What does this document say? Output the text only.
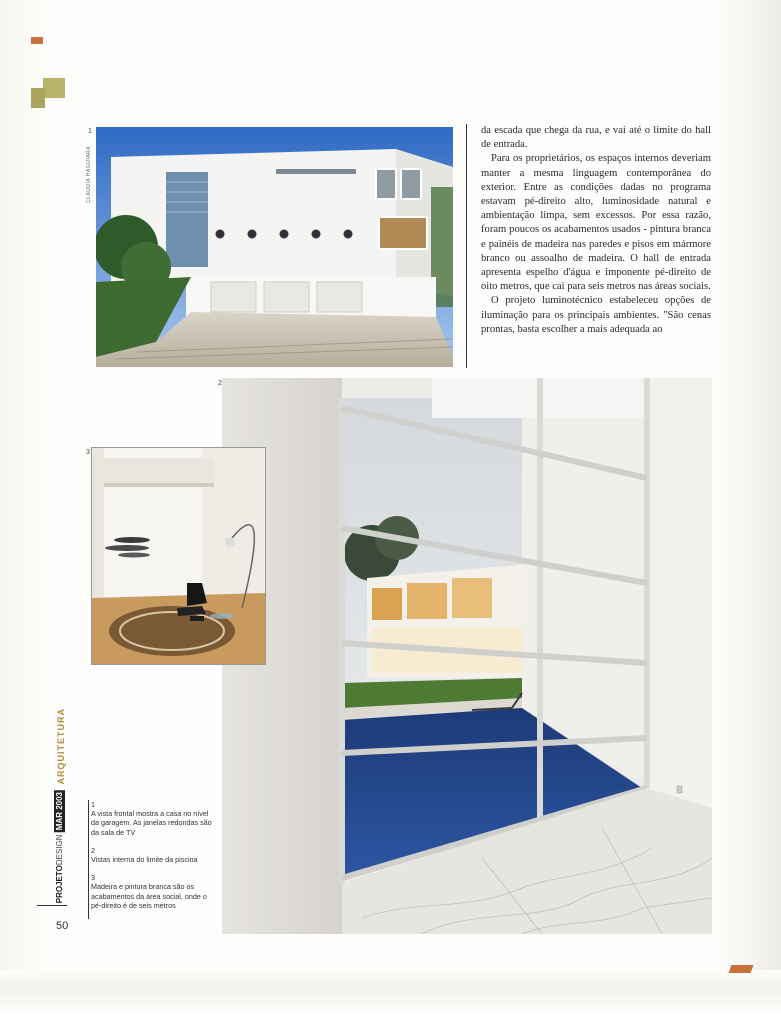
1
CLAUDIA HAGUIARA

da escada que chega da rua, e vai até o limite do hall de entrada.

Para os proprietários, os espaços internos deveriam manter a mesma linguagem contemporânea do exterior. Entre as condições dadas no programa estavam pé-direito alto, luminosidade natural e ambientação limpa, sem excessos. Por essa razão, foram poucos os acabamentos usados - pintura branca e painéis de madeira nas paredes e pisos em mármore branco ou assoalho de madeira. O hall de entrada apresenta espelho d'água e imponente pé-direito de oito metros, que cai para seis metros nas áreas sociais.

O projeto luminotécnico estabeleceu opções de iluminação para os principais ambientes. "São cenas prontas, basta escolher a mais adequada ao

2
3
ARQUITETURA
PROJETODESIGN MAR 2003
50
1
A vista frontal mostra a casa no nível da garagem. As janelas redondas são da sala de TV
2
Vistas interna do limite da piscina
3
Madeira e pintura branca são os acabamentos da área social, onde o pé-direito é de seis metros
